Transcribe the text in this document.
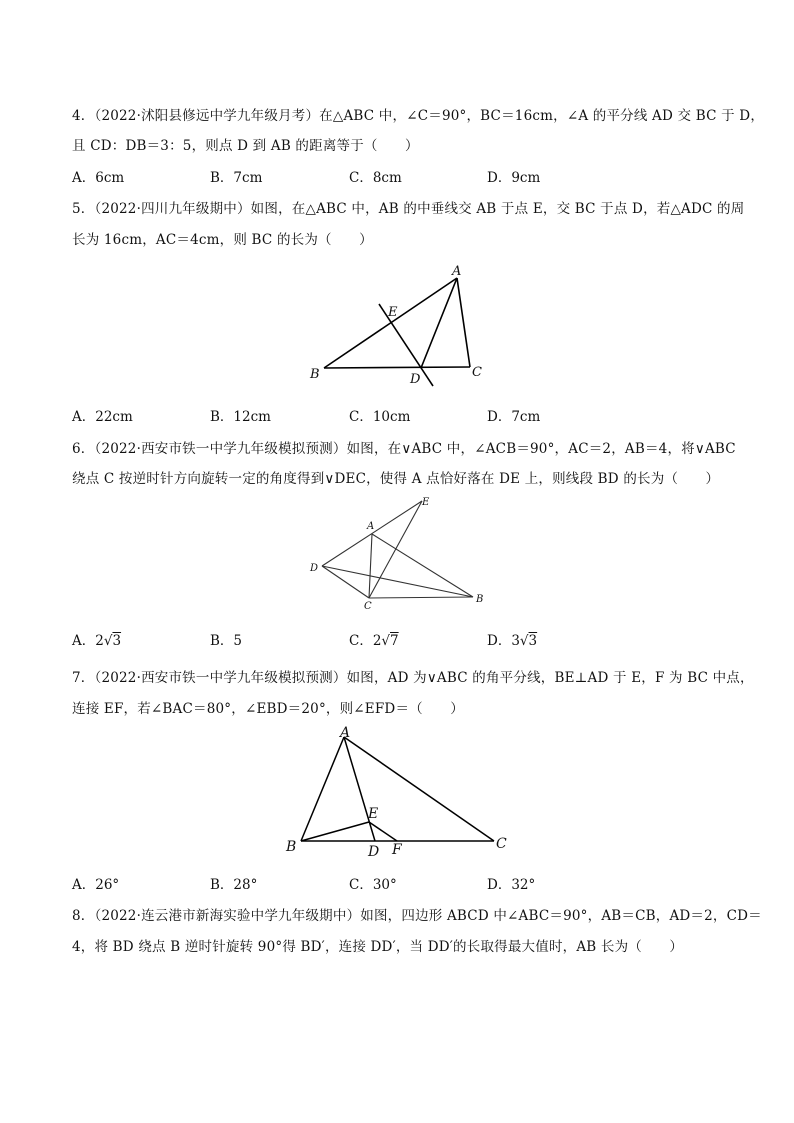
4．（2022·沭阳县修远中学九年级月考）在△ABC 中，∠C＝90°，BC＝16cm，∠A 的平分线 AD 交 BC 于 D，
且 CD：DB＝3：5，则点 D 到 AB 的距离等于（　　）
A．6cm	B．7cm	C．8cm	D．9cm
5．（2022·四川九年级期中）如图，在△ABC 中，AB 的中垂线交 AB 于点 E，交 BC 于点 D，若△ADC 的周
长为 16cm，AC＝4cm，则 BC 的长为（　　）
A
E
B	D	C
A．22cm	B．12cm	C．10cm	D．7cm
6．（2022·西安市铁一中学九年级模拟预测）如图，在∨ABC 中，∠ACB＝90°，AC＝2，AB＝4，将∨ABC
绕点 C 按逆时针方向旋转一定的角度得到∨DEC，使得 A 点恰好落在 DE 上，则线段 BD 的长为（　　）
A
E
D
C
B
A．2√3	B．5	C．2√7	D．3√3
7．（2022·西安市铁一中学九年级模拟预测）如图，AD 为∨ABC 的角平分线，BE⊥AD 于 E，F 为 BC 中点，
连接 EF，若∠BAC＝80°，∠EBD＝20°，则∠EFD＝（　　）
A
E
B	D F	C
A．26°	B．28°	C．30°	D．32°
8．（2022·连云港市新海实验中学九年级期中）如图，四边形 ABCD 中∠ABC＝90°，AB＝CB，AD＝2，CD＝
4，将 BD 绕点 B 逆时针旋转 90°得 BD′，连接 DD′，当 DD′的长取得最大值时，AB 长为（　　）
